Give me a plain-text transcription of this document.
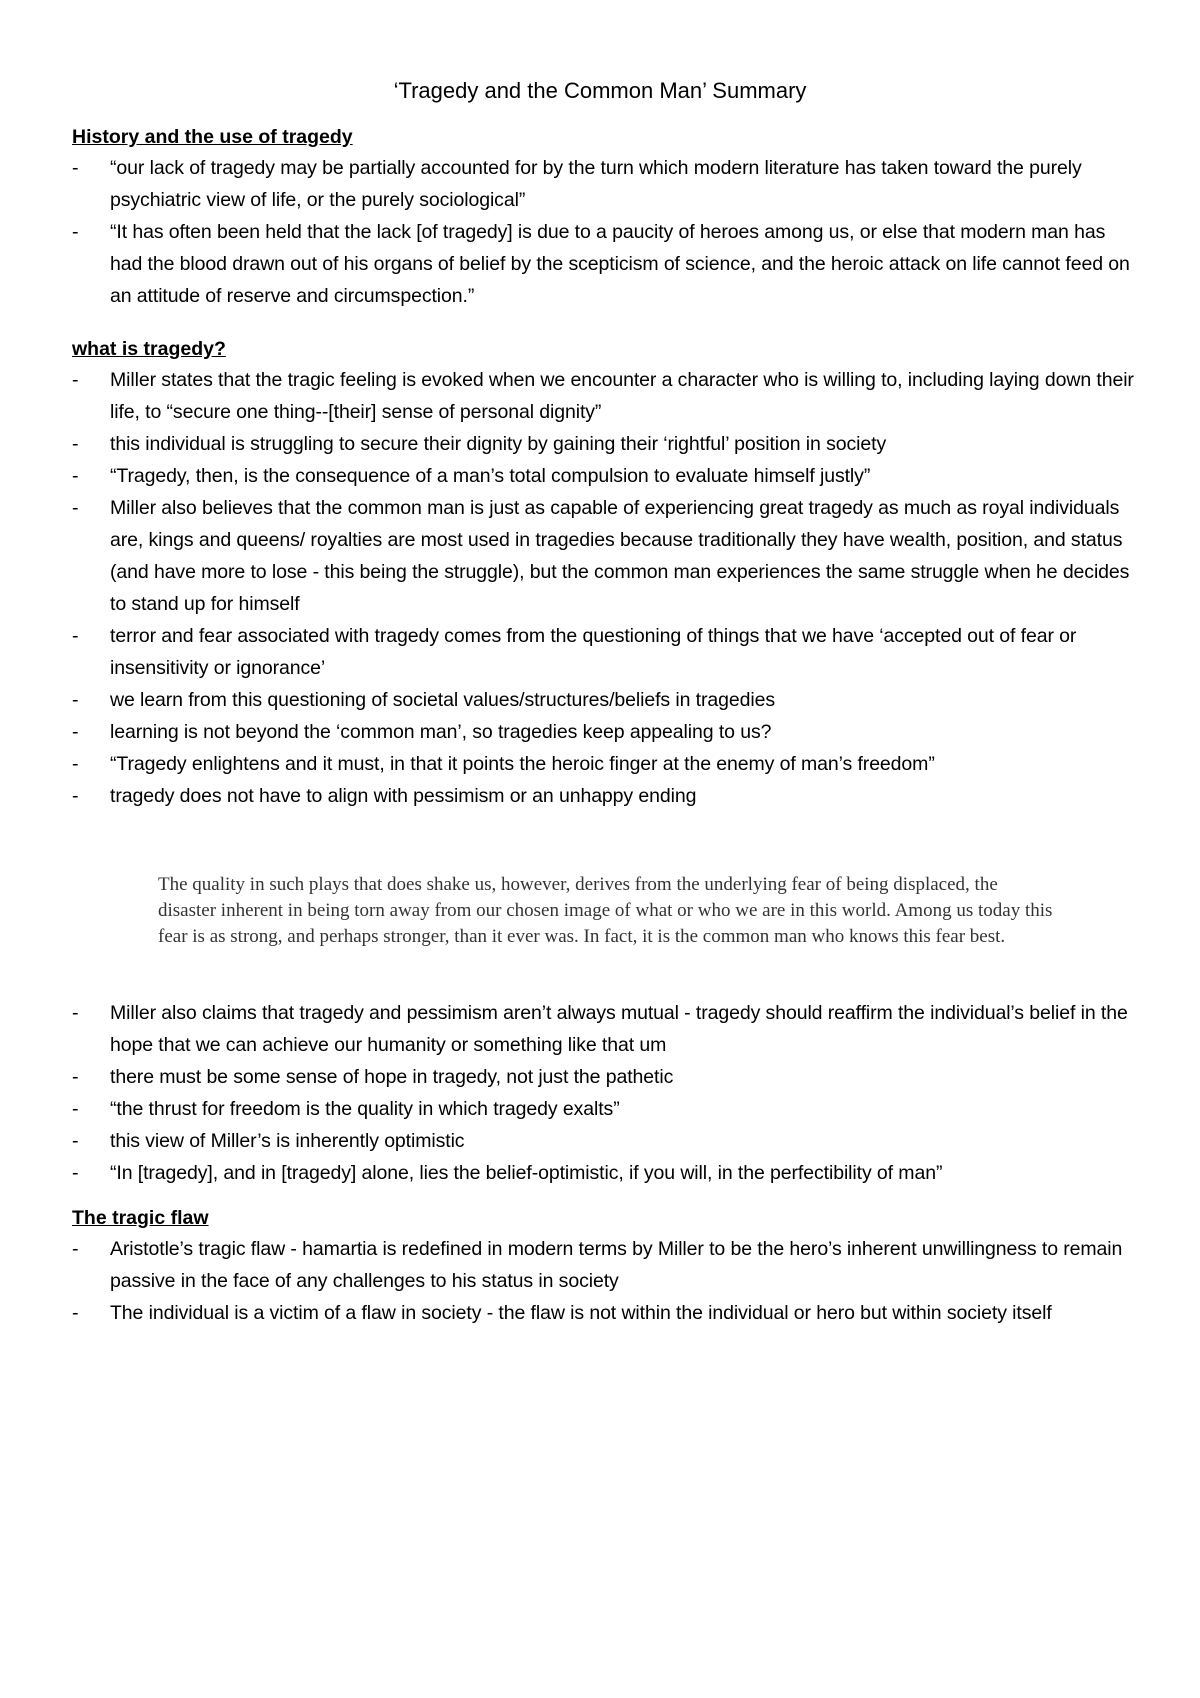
‘Tragedy and the Common Man’ Summary
History and the use of tragedy
-	“our lack of tragedy may be partially accounted for by the turn which modern literature has taken toward the purely psychiatric view of life, or the purely sociological”
-	“It has often been held that the lack [of tragedy] is due to a paucity of heroes among us, or else that modern man has had the blood drawn out of his organs of belief by the scepticism of science, and the heroic attack on life cannot feed on an attitude of reserve and circumspection.”
what is tragedy?
-	Miller states that the tragic feeling is evoked when we encounter a character who is willing to, including laying down their life, to “secure one thing--[their] sense of personal dignity”
-	this individual is struggling to secure their dignity by gaining their ‘rightful’ position in society
-	“Tragedy, then, is the consequence of a man’s total compulsion to evaluate himself justly”
-	Miller also believes that the common man is just as capable of experiencing great tragedy as much as royal individuals are, kings and queens/ royalties are most used in tragedies because traditionally they have wealth, position, and status (and have more to lose - this being the struggle), but the common man experiences the same struggle when he decides to stand up for himself
-	terror and fear associated with tragedy comes from the questioning of things that we have ‘accepted out of fear or insensitivity or ignorance’
-	we learn from this questioning of societal values/structures/beliefs in tragedies
-	learning is not beyond the ‘common man’, so tragedies keep appealing to us?
-	“Tragedy enlightens and it must, in that it points the heroic finger at the enemy of man’s freedom”
-	tragedy does not have to align with pessimism or an unhappy ending

The quality in such plays that does shake us, however, derives from the underlying fear of being displaced, the disaster inherent in being torn away from our chosen image of what or who we are in this world. Among us today this fear is as strong, and perhaps stronger, than it ever was. In fact, it is the common man who knows this fear best.

-	Miller also claims that tragedy and pessimism aren’t always mutual - tragedy should reaffirm the individual’s belief in the hope that we can achieve our humanity or something like that um
-	there must be some sense of hope in tragedy, not just the pathetic
-	“the thrust for freedom is the quality in which tragedy exalts”
-	this view of Miller’s is inherently optimistic
-	“In [tragedy], and in [tragedy] alone, lies the belief-optimistic, if you will, in the perfectibility of man”
The tragic flaw
-	Aristotle’s tragic flaw - hamartia is redefined in modern terms by Miller to be the hero’s inherent unwillingness to remain passive in the face of any challenges to his status in society
-	The individual is a victim of a flaw in society - the flaw is not within the individual or hero but within society itself
